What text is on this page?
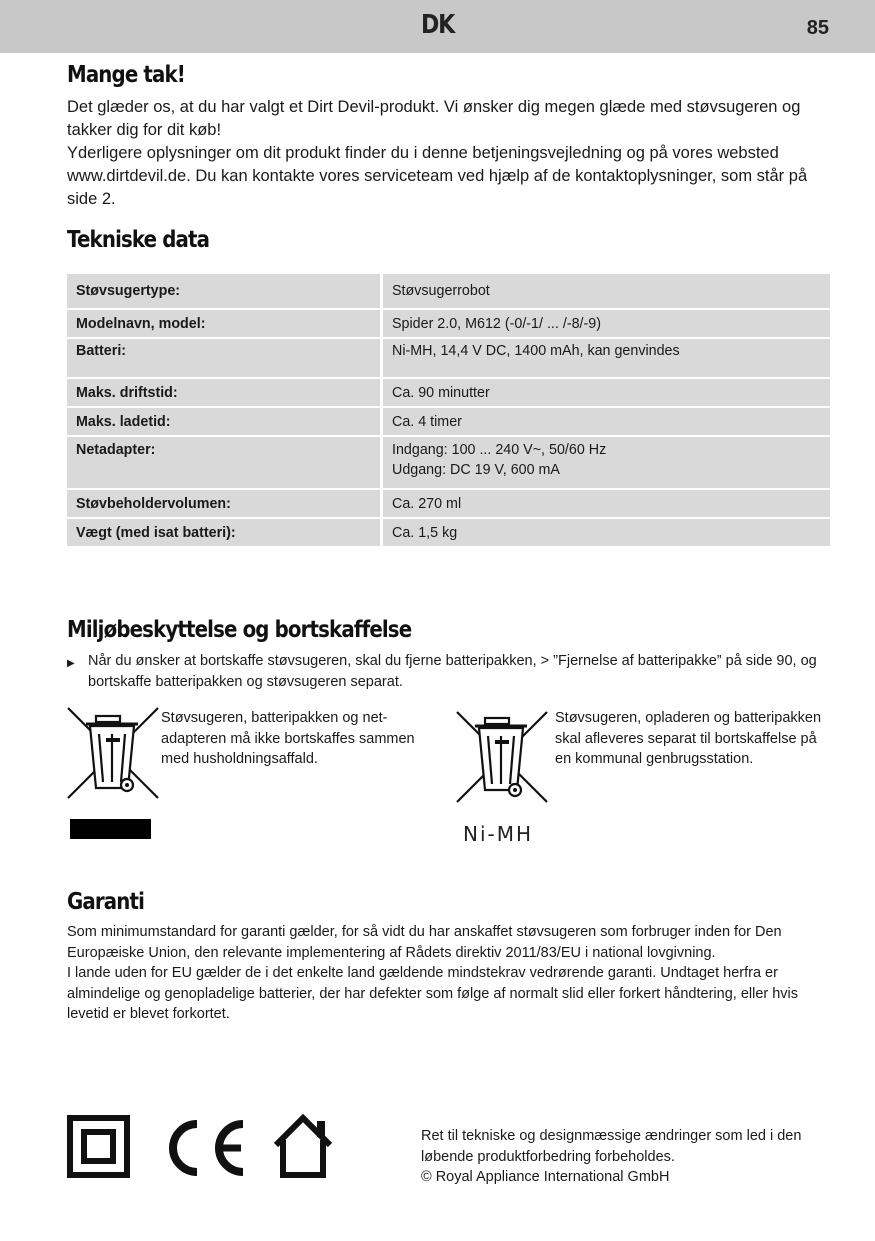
DK	85
Mange tak!

Det glæder os, at du har valgt et Dirt Devil-produkt. Vi ønsker dig megen glæde med støvsugeren og takker dig for dit køb!
Yderligere oplysninger om dit produkt finder du i denne betjeningsvejledning og på vores websted www.dirtdevil.de. Du kan kontakte vores serviceteam ved hjælp af de kontaktoplysninger, som står på side 2.

Tekniske data
Støvsugertype:	Støvsugerrobot
Modelnavn, model:	Spider 2.0, M612 (-0/-1/ ... /-8/-9)
Batteri:	Ni-MH, 14,4 V DC, 1400 mAh, kan genvindes
Maks. driftstid:	Ca. 90 minutter
Maks. ladetid:	Ca. 4 timer
Netadapter:	Indgang: 100 ... 240 V~, 50/60 Hz
Udgang: DC 19 V, 600 mA
Støvbeholdervolumen:	Ca. 270 ml
Vægt (med isat batteri):	Ca. 1,5 kg
Miljøbeskyttelse og bortskaffelse
▶ Når du ønsker at bortskaffe støvsugeren, skal du fjerne batteripakken, > ”Fjernelse af batteripakke” på side 90, og bortskaffe batteripakken og støvsugeren separat.

Støvsugeren, batteripakken og netadapteren må ikke bortskaffes sammen med husholdningsaffald.

Støvsugeren, opladeren og batteripakken skal afleveres separat til bortskaffelse på en kommunal genbrugsstation.

Ni-MH
Garanti

Som minimumstandard for garanti gælder, for så vidt du har anskaffet støvsugeren som forbruger inden for Den Europæiske Union, den relevante implementering af Rådets direktiv 2011/83/EU i national lovgivning.
I lande uden for EU gælder de i det enkelte land gældende mindstekrav vedrørende garanti. Undtaget herfra er almindelige og genopladelige batterier, der har defekter som følge af normalt slid eller forkert håndtering, eller hvis levetid er blevet forkortet.

Ret til tekniske og designmæssige ændringer som led i den løbende produktforbedring forbeholdes.
© Royal Appliance International GmbH
